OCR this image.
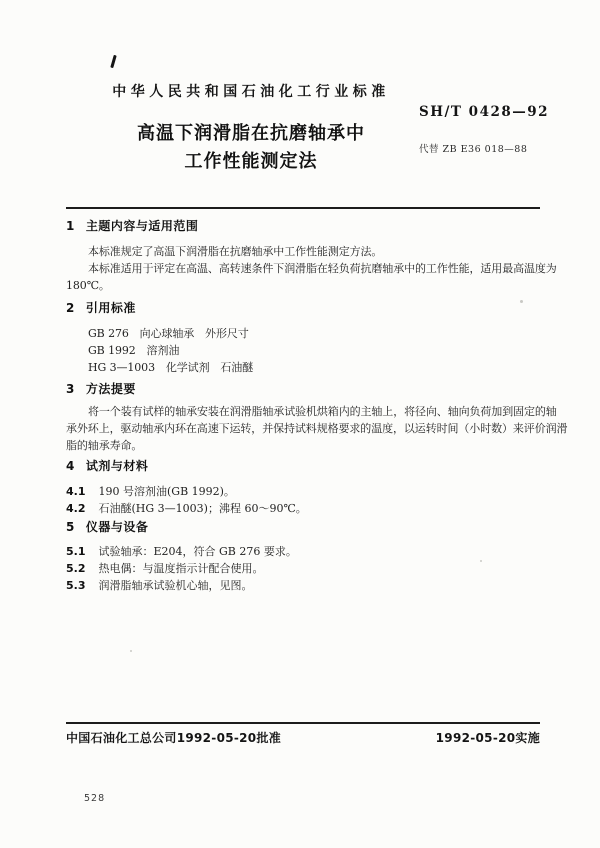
中华人民共和国石油化工行业标准
高温下润滑脂在抗磨轴承中
工作性能测定法
SH/T 0428—92
代替 ZB E36 018—88
1 主题内容与适用范围
本标准规定了高温下润滑脂在抗磨轴承中工作性能测定方法。
本标准适用于评定在高温、高转速条件下润滑脂在轻负荷抗磨轴承中的工作性能，适用最高温度为
180℃。
2 引用标准
GB 276　向心球轴承　外形尺寸
GB 1992　溶剂油
HG 3—1003　化学试剂　石油醚
3 方法提要
将一个装有试样的轴承安装在润滑脂轴承试验机烘箱内的主轴上，将径向、轴向负荷加到固定的轴
承外环上，驱动轴承内环在高速下运转，并保持试料规格要求的温度，以运转时间（小时数）来评价润滑
脂的轴承寿命。
4 试剂与材料
4.1 190 号溶剂油(GB 1992)。
4.2 石油醚(HG 3—1003)；沸程 60～90℃。
5 仪器与设备
5.1 试验轴承：E204，符合 GB 276 要求。
5.2 热电偶：与温度指示计配合使用。
5.3 润滑脂轴承试验机心轴，见图。
中国石油化工总公司1992-05-20批准	1992-05-20实施
528
